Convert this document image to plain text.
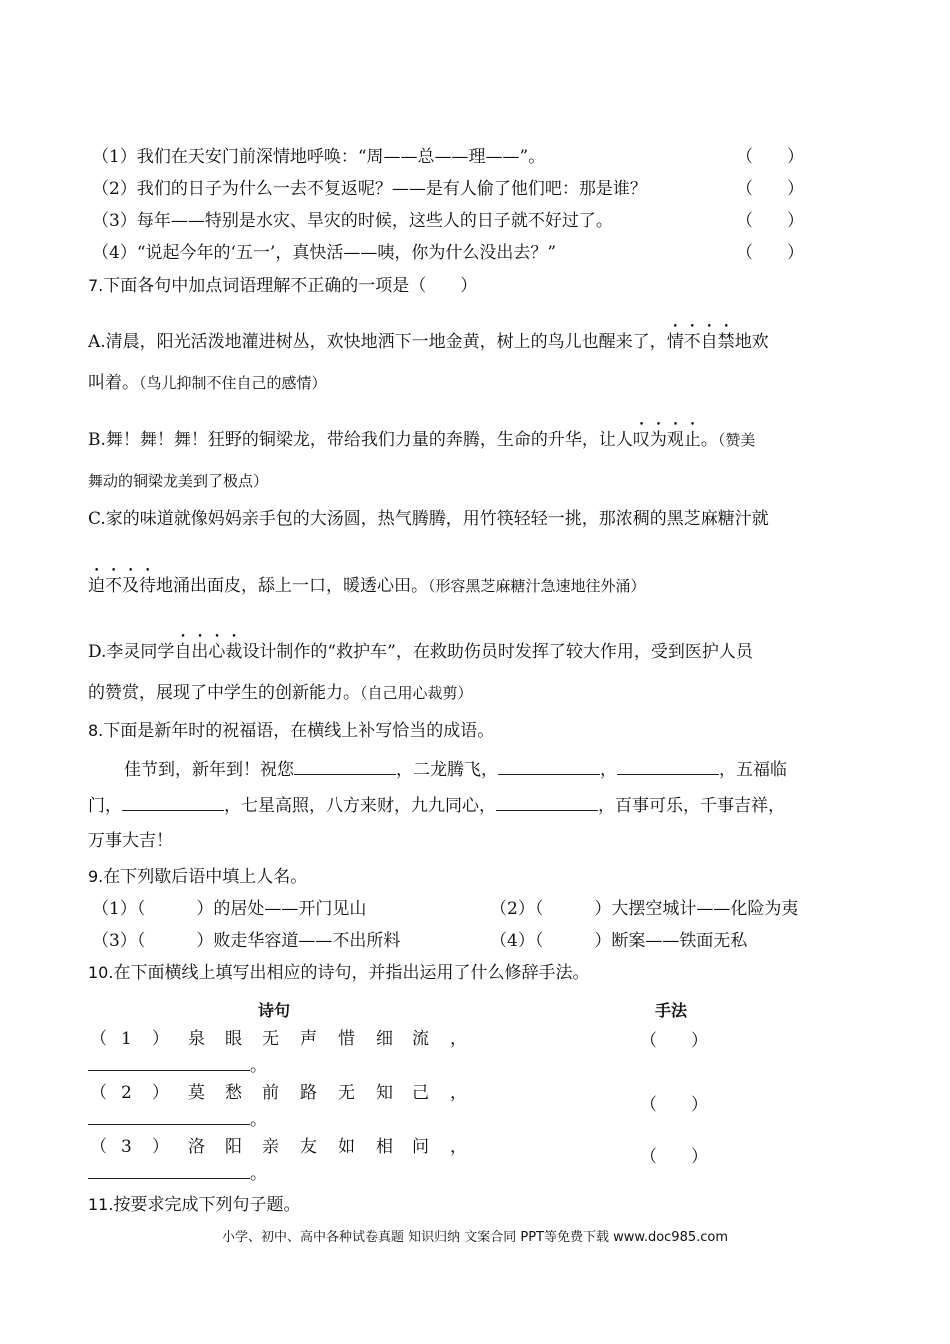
（1）我们在天安门前深情地呼唤：“周——总——理——”。	（　　）
（2）我们的日子为什么一去不复返呢？——是有人偷了他们吧：那是谁？	（　　）
（3）每年——特别是水灾、旱灾的时候，这些人的日子就不好过了。	（　　）
（4）“说起今年的‘五一’，真快活——咦，你为什么没出去？”	（　　）
7.下面各句中加点词语理解不正确的一项是（　　）
A.清晨，阳光活泼地灌进树丛，欢快地洒下一地金黄，树上的鸟儿也醒来了，情不自禁地欢
叫着。（鸟儿抑制不住自己的感情）
B.舞！舞！舞！狂野的铜梁龙，带给我们力量的奔腾，生命的升华，让人叹为观止。（赞美
舞动的铜梁龙美到了极点）
C.家的味道就像妈妈亲手包的大汤圆，热气腾腾，用竹筷轻轻一挑，那浓稠的黑芝麻糖汁就
迫不及待地涌出面皮，舔上一口，暖透心田。（形容黑芝麻糖汁急速地往外涌）
D.李灵同学自出心裁设计制作的“救护车”，在救助伤员时发挥了较大作用，受到医护人员
的赞赏，展现了中学生的创新能力。（自己用心裁剪）
8.下面是新年时的祝福语，在横线上补写恰当的成语。
佳节到，新年到！祝您	，二龙腾飞，	，	，五福临
门，	，七星高照，八方来财，九九同心，	，百事可乐，千事吉祥，
万事大吉！
9.在下列歇后语中填上人名。
（1）（　　　）的居处——开门见山	（2）（　　　）大摆空城计——化险为夷
（3）（　　　）败走华容道——不出所料	（4）（　　　）断案——铁面无私
10.在下面横线上填写出相应的诗句，并指出运用了什么修辞手法。
诗句	手法
（ 1 ） 泉 眼 无 声 惜 细 流 ，
。
（　　）
（ 2 ） 莫 愁 前 路 无 知 己 ，
。
（　　）
（ 3 ） 洛 阳 亲 友 如 相 问 ，
。
（　　）
11.按要求完成下列句子题。
小学、初中、高中各种试卷真题 知识归纳 文案合同 PPT等免费下载 www.doc985.com
